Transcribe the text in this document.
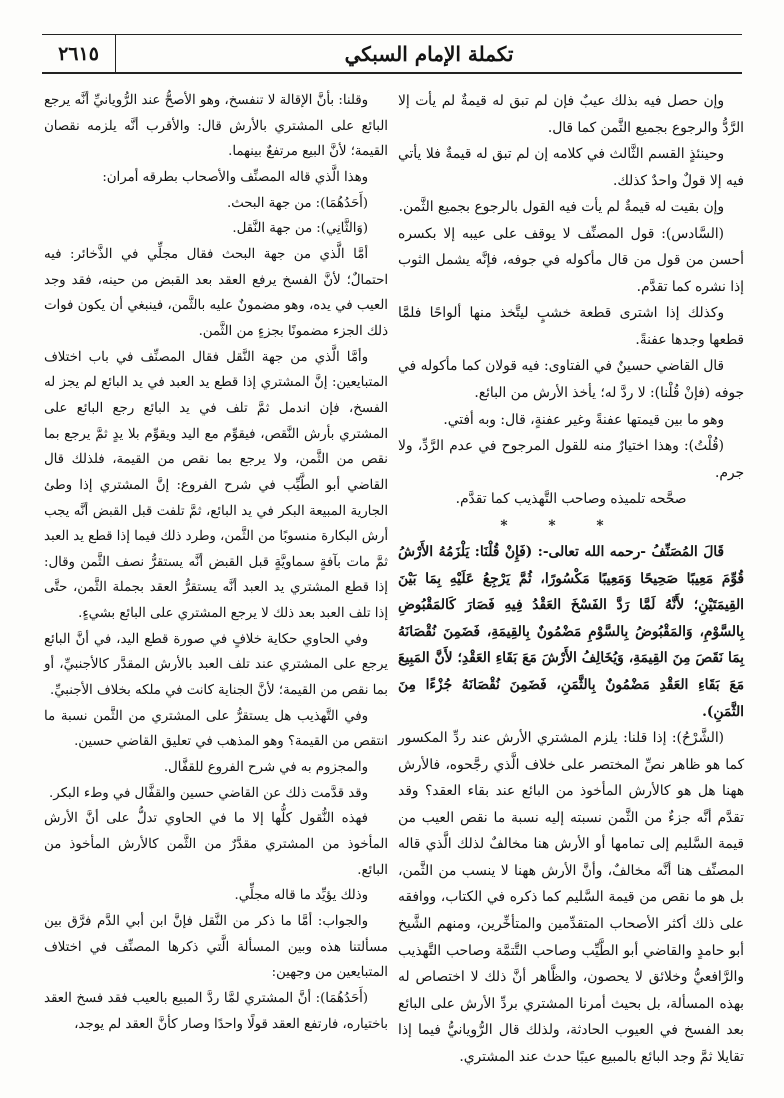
٢٦١٥	تكملة الإمام السبكي

وإن حصل فيه بذلك عيبٌ فإن لم تبق له قيمةٌ لم يأت إلا الرَّدُّ والرجوع بجميع الثَّمن كما قال.

وحينئذٍ القسم الثَّالث في كلامه إن لم تبق له قيمةٌ فلا يأتي فيه إلا قولٌ واحدٌ كذلك.

وإن بقيت له قيمةٌ لم يأت فيه القول بالرجوع بجميع الثَّمن.

(السَّادس): قول المصنِّف لا يوقف على عيبه إلا بكسره أحسن من قول من قال مأكوله في جوفه، فإنَّه يشمل الثوب إذا نشره كما تقدَّم.

وكذلك إذا اشترى قطعة خشبٍ ليتَّخذ منها ألواحًا فلمَّا قطعها وجدها عفنةً.

قال القاضي حسينٌ في الفتاوى: فيه قولان كما مأكوله في جوفه (فإنْ قُلْنا): لا ردَّ له؛ يأخذ الأرش من البائع.

وهو ما بين قيمتها عفنةً وغير عفنةٍ، قال: وبه أفتي.

(قُلْتُ): وهذا اختيارٌ منه للقول المرجوح في عدم الرَّدِّ، ولا جرم.

صحَّحه تلميذه وصاحب التَّهذيب كما تقدَّم.

* * *

قَالَ المُصَنِّفُ -رحمه الله تعالى-: (فَإِنْ قُلْنَا: يَلْزَمُهُ الأَرْشُ قُوِّمَ مَعِيبًا صَحِيحًا وَمَعِيبًا مَكْسُورًا، ثُمَّ يَرْجِعُ عَلَيْهِ بِمَا بَيْنَ القِيمَتَيْنِ؛ لأَنَّهُ لَمَّا رَدَّ الفَسْخَ العَقْدُ فِيهِ فَصَارَ كَالمَقْبُوضِ بِالسَّوْمِ، وَالمَقْبُوضُ بِالسَّوْمِ مَضْمُونٌ بِالقِيمَةِ، فَضَمِنَ نُقْصَانَهُ بِمَا نَقَصَ مِنَ القِيمَةِ، وَيُخَالِفُ الأَرْشَ مَعَ بَقَاءِ العَقْدِ؛ لأَنَّ المَبِيعَ مَعَ بَقَاءِ العَقْدِ مَضْمُونٌ بِالثَّمَنِ، فَضَمِنَ نُقْصَانَهُ جُزْءًا مِنَ الثَّمَنِ).

(الشَّرْحُ): إذا قلنا: يلزم المشتري الأرش عند ردِّ المكسور كما هو ظاهر نصِّ المختصر على خلاف الَّذي رجَّحوه، فالأرش ههنا هل هو كالأرش المأخوذ من البائع عند بقاء العقد؟ وقد تقدَّم أنَّه جزءٌ من الثَّمن نسبته إليه نسبة ما نقص العيب من قيمة السَّليم إلى تمامها أو الأرش هنا مخالفٌ لذلك الَّذي قاله المصنِّف هنا أنَّه مخالفٌ، وأنَّ الأرش ههنا لا ينسب من الثَّمن، بل هو ما نقص من قيمة السَّليم كما ذكره في الكتاب، ووافقه على ذلك أكثر الأصحاب المتقدِّمين والمتأخِّرين، ومنهم الشَّيخ أبو حامدٍ والقاضي أبو الطَّيِّب وصاحب التَّتمَّة وصاحب التَّهذيب والرَّافعيُّ وخلائق لا يحصون، والظَّاهر أنَّ ذلك لا اختصاص له بهذه المسألة، بل بحيث أمرنا المشتري بردِّ الأرش على البائع بعد الفسخ في العيوب الحادثة، ولذلك قال الرُّويانيُّ فيما إذا تقايلا ثمَّ وجد البائع بالمبيع عيبًا حدث عند المشتري.

وقلنا: بأنَّ الإقالة لا تنفسخ، وهو الأصحُّ عند الرُّويانيِّ أنَّه يرجع البائع على المشتري بالأرش قال: والأقرب أنَّه يلزمه نقصان القيمة؛ لأنَّ البيع مرتفعٌ بينهما.

وهذا الَّذي قاله المصنِّف والأصحاب بطرقه أمران:

(أَحَدُهُمَا): من جهة البحث.

(وَالثَّانِي): من جهة النَّقل.

أمَّا الَّذي من جهة البحث فقال مجلِّي في الذَّخائر: فيه احتمالٌ؛ لأنَّ الفسخ يرفع العقد بعد القبض من حينه، فقد وجد العيب في يده، وهو مضمونٌ عليه بالثَّمن، فينبغي أن يكون فوات ذلك الجزء مضمونًا بجزءٍ من الثَّمن.

وأمَّا الَّذي من جهة النَّقل فقال المصنِّف في باب اختلاف المتبايعين: إنَّ المشتري إذا قطع يد العبد في يد البائع لم يجز له الفسخ، فإن اندمل ثمَّ تلف في يد البائع رجع البائع على المشتري بأرش النَّقص، فيقوِّم مع اليد ويقوِّم بلا يدٍ ثمَّ يرجع بما نقص من الثَّمن، ولا يرجع بما نقص من القيمة، فلذلك قال القاضي أبو الطَّيِّب في شرح الفروع: إنَّ المشتري إذا وطئ الجارية المبيعة البكر في يد البائع، ثمَّ تلفت قبل القبض أنَّه يجب أرش البكارة منسوبًا من الثَّمن، وطرد ذلك فيما إذا قطع يد العبد ثمَّ مات بآفةٍ سماويَّةٍ قبل القبض أنَّه يستقرُّ نصف الثَّمن وقال: إذا قطع المشتري يد العبد أنَّه يستقرُّ العقد بجملة الثَّمن، حتَّى إذا تلف العبد بعد ذلك لا يرجع المشتري على البائع بشيءٍ.

وفي الحاوي حكاية خلافٍ في صورة قطع اليد، في أنَّ البائع يرجع على المشتري عند تلف العبد بالأرش المقدَّر كالأجنبيِّ، أو بما نقص من القيمة؛ لأنَّ الجناية كانت في ملكه بخلاف الأجنبيِّ.

وفي التَّهذيب هل يستقرُّ على المشتري من الثَّمن نسبة ما انتقص من القيمة؟ وهو المذهب في تعليق القاضي حسين.

والمجزوم به في شرح الفروع للقفَّال.

وقد قدَّمت ذلك عن القاضي حسين والقفَّال في وطء البكر.

فهذه النُّقول كلُّها إلا ما في الحاوي تدلُّ على أنَّ الأرش المأخوذ من المشتري مقدَّرٌ من الثَّمن كالأرش المأخوذ من البائع.

وذلك يؤيِّد ما قاله مجلِّي.

والجواب: أمَّا ما ذكر من النَّقل فإنَّ ابن أبي الدَّم فرَّق بين مسألتنا هذه وبين المسألة الَّتي ذكرها المصنِّف في اختلاف المتبايعين من وجهين:

(أَحَدُهُمَا): أنَّ المشتري لمَّا ردَّ المبيع بالعيب فقد فسخ العقد باختياره، فارتفع العقد قولًا واحدًا وصار كأنَّ العقد لم يوجد،
